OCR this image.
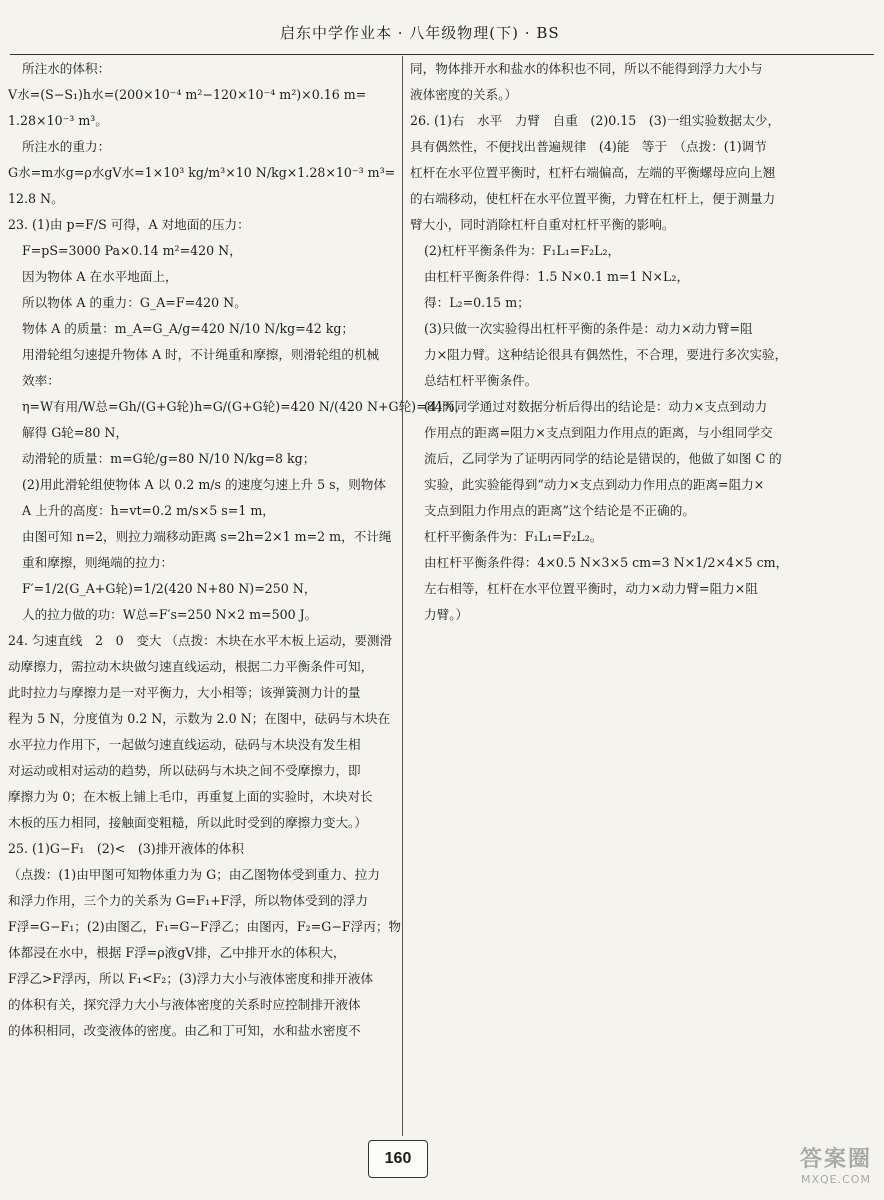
启东中学作业本 · 八年级物理(下) · BS
所注水的体积：
V水=(S−S₁)h水=(200×10⁻⁴ m²−120×10⁻⁴ m²)×0.16 m=
1.28×10⁻³ m³。
所注水的重力：
G水=m水g=ρ水gV水=1×10³ kg/m³×10 N/kg×1.28×10⁻³ m³=
12.8 N。
23. (1)由 p=F/S 可得，A 对地面的压力：
F=pS=3000 Pa×0.14 m²=420 N，
因为物体 A 在水平地面上，
所以物体 A 的重力：G_A=F=420 N。
物体 A 的质量：m_A=G_A/g=420 N/10 N/kg=42 kg；
用滑轮组匀速提升物体 A 时，不计绳重和摩擦，则滑轮组的机械
效率：
η=W有用/W总=Gh/(G+G轮)h=G/(G+G轮)=420 N/(420 N+G轮)=84%，
解得 G轮=80 N，
动滑轮的质量：m=G轮/g=80 N/10 N/kg=8 kg；
(2)用此滑轮组使物体 A 以 0.2 m/s 的速度匀速上升 5 s，则物体
A 上升的高度：h=vt=0.2 m/s×5 s=1 m，
由图可知 n=2，则拉力端移动距离 s=2h=2×1 m=2 m，不计绳
重和摩擦，则绳端的拉力：
F′=1/2(G_A+G轮)=1/2(420 N+80 N)=250 N，
人的拉力做的功：W总=F′s=250 N×2 m=500 J。
24. 匀速直线　2　0　变大 （点拨：木块在水平木板上运动，要测滑
动摩擦力，需拉动木块做匀速直线运动，根据二力平衡条件可知，
此时拉力与摩擦力是一对平衡力，大小相等；该弹簧测力计的量
程为 5 N，分度值为 0.2 N，示数为 2.0 N；在图中，砝码与木块在
水平拉力作用下，一起做匀速直线运动，砝码与木块没有发生相
对运动或相对运动的趋势，所以砝码与木块之间不受摩擦力，即
摩擦力为 0；在木板上铺上毛巾，再重复上面的实验时，木块对长
木板的压力相同，接触面变粗糙，所以此时受到的摩擦力变大。）
25. (1)G−F₁　(2)<　(3)排开液体的体积
（点拨：(1)由甲图可知物体重力为 G；由乙图物体受到重力、拉力
和浮力作用，三个力的关系为 G=F₁+F浮，所以物体受到的浮力
F浮=G−F₁；(2)由图乙，F₁=G−F浮乙；由图丙，F₂=G−F浮丙；物
体都浸在水中，根据 F浮=ρ液gV排，乙中排开水的体积大，
F浮乙>F浮丙，所以 F₁<F₂；(3)浮力大小与液体密度和排开液体
的体积有关，探究浮力大小与液体密度的关系时应控制排开液体
的体积相同，改变液体的密度。由乙和丁可知，水和盐水密度不
同，物体排开水和盐水的体积也不同，所以不能得到浮力大小与
液体密度的关系。）
26. (1)右　水平　力臂　自重　(2)0.15　(3)一组实验数据太少，
具有偶然性，不便找出普遍规律　(4)能　等于　（点拨：(1)调节
杠杆在水平位置平衡时，杠杆右端偏高，左端的平衡螺母应向上翘
的右端移动，使杠杆在水平位置平衡，力臂在杠杆上，便于测量力
臂大小，同时消除杠杆自重对杠杆平衡的影响。
(2)杠杆平衡条件为：F₁L₁=F₂L₂，
由杠杆平衡条件得：1.5 N×0.1 m=1 N×L₂，
得：L₂=0.15 m；
(3)只做一次实验得出杠杆平衡的条件是：动力×动力臂=阻
力×阻力臂。这种结论很具有偶然性，不合理，要进行多次实验，
总结杠杆平衡条件。
(4)丙同学通过对数据分析后得出的结论是：动力×支点到动力
作用点的距离=阻力×支点到阻力作用点的距离，与小组同学交
流后，乙同学为了证明丙同学的结论是错误的，他做了如图 C 的
实验，此实验能得到“动力×支点到动力作用点的距离=阻力×
支点到阻力作用点的距离”这个结论是不正确的。
杠杆平衡条件为：F₁L₁=F₂L₂。
由杠杆平衡条件得：4×0.5 N×3×5 cm=3 N×1/2×4×5 cm，
左右相等，杠杆在水平位置平衡时，动力×动力臂=阻力×阻
力臂。）
160	答案圈
MXQE.COM
